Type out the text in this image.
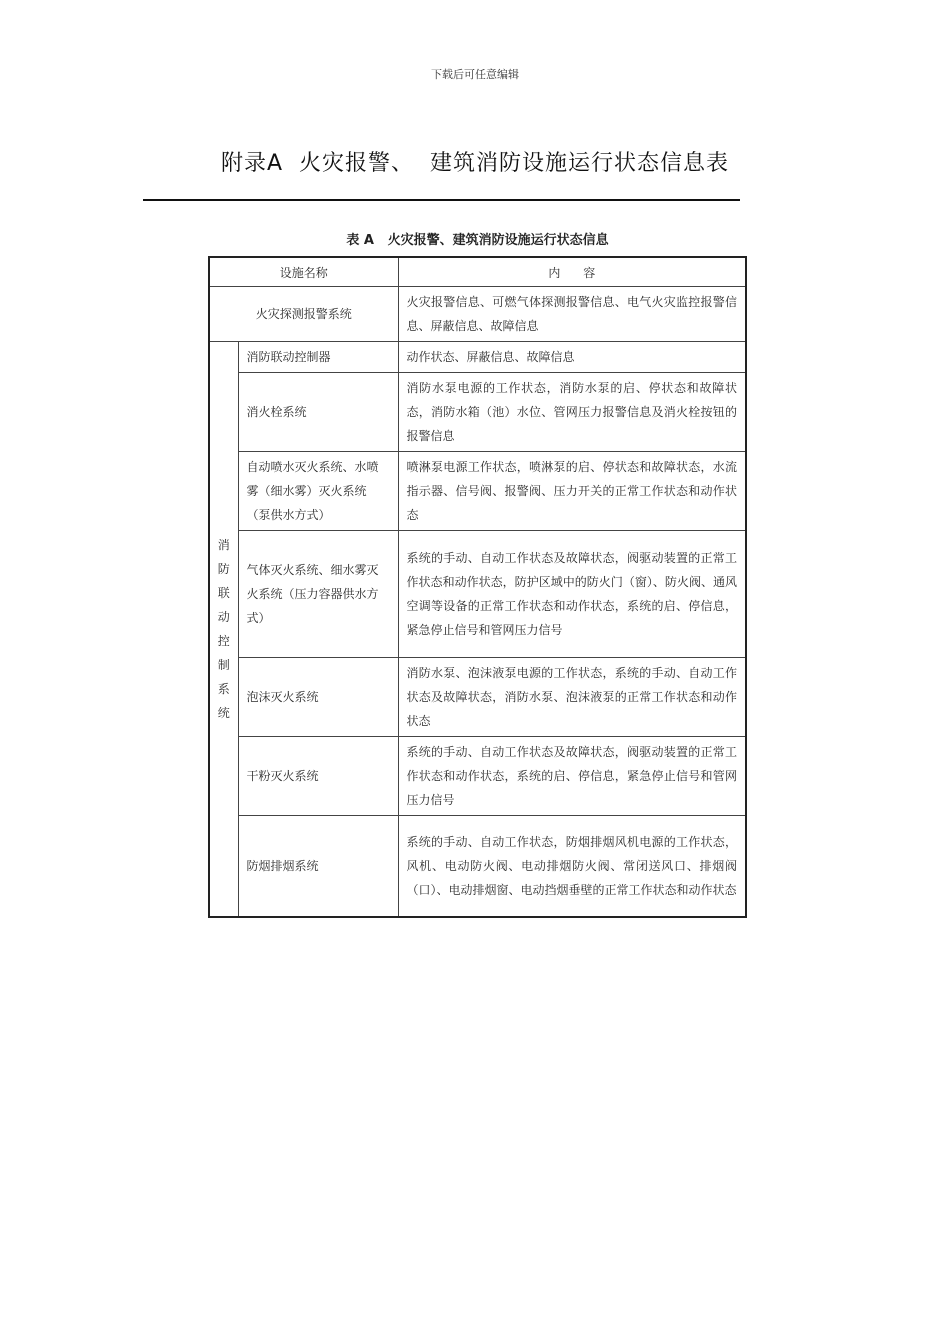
下载后可任意编辑
附录A  火灾报警、  建筑消防设施运行状态信息表
表 A   火灾报警、建筑消防设施运行状态信息
设施名称		内      容
火灾探测报警系统		火灾报警信息、可燃气体探测报警信息、电气火灾监控报警信息、屏蔽信息、故障信息

消防联动控制系统	消防联动控制器	动作状态、屏蔽信息、故障信息
	消火栓系统	消防水泵电源的工作状态，消防水泵的启、停状态和故障状态，消防水箱（池）水位、管网压力报警信息及消火栓按钮的报警信息
	自动喷水灭火系统、水喷雾（细水雾）灭火系统（泵供水方式）	喷淋泵电源工作状态，喷淋泵的启、停状态和故障状态，水流指示器、信号阀、报警阀、压力开关的正常工作状态和动作状态
	气体灭火系统、细水雾灭火系统（压力容器供水方式）	系统的手动、自动工作状态及故障状态，阀驱动装置的正常工作状态和动作状态，防护区域中的防火门（窗）、防火阀、通风空调等设备的正常工作状态和动作状态，系统的启、停信息，紧急停止信号和管网压力信号
	泡沫灭火系统	消防水泵、泡沫液泵电源的工作状态，系统的手动、自动工作状态及故障状态，消防水泵、泡沫液泵的正常工作状态和动作状态
	干粉灭火系统	系统的手动、自动工作状态及故障状态，阀驱动装置的正常工作状态和动作状态，系统的启、停信息，紧急停止信号和管网压力信号
	防烟排烟系统	系统的手动、自动工作状态，防烟排烟风机电源的工作状态，风机、电动防火阀、电动排烟防火阀、常闭送风口、排烟阀（口）、电动排烟窗、电动挡烟垂壁的正常工作状态和动作状态
